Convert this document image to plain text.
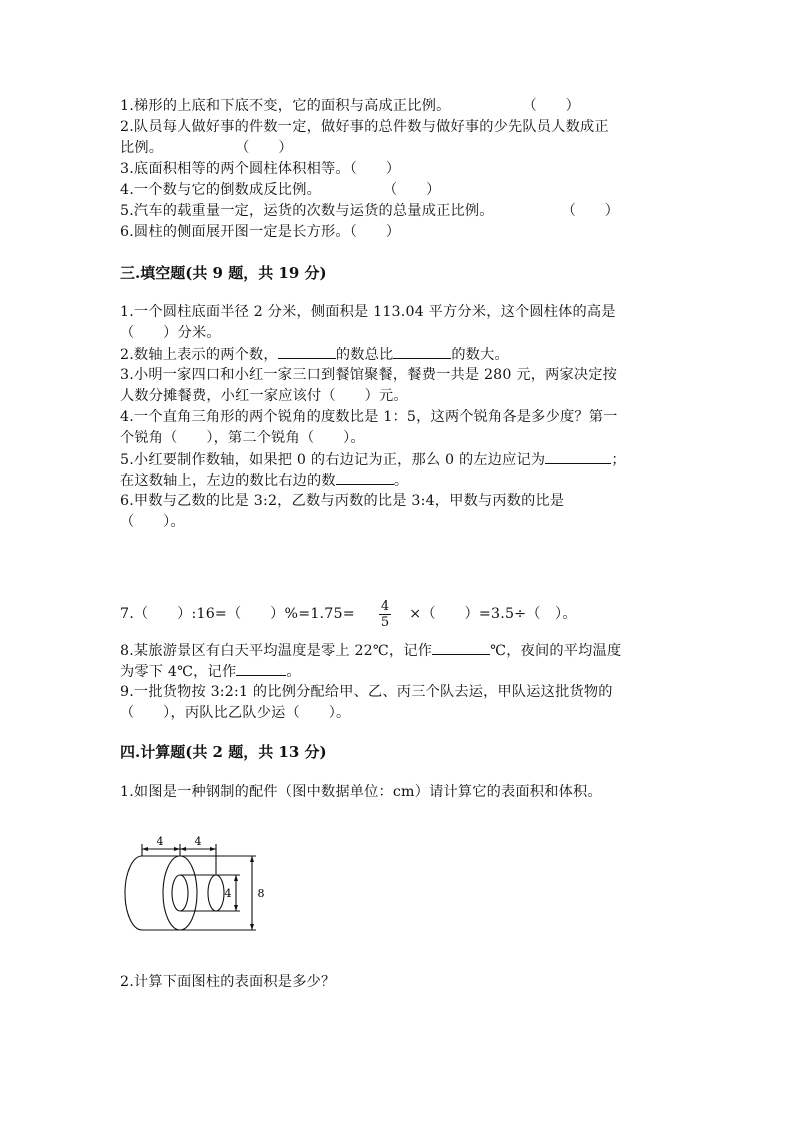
1.梯形的上底和下底不变，它的面积与高成正比例。	（　　）
2.队员每人做好事的件数一定，做好事的总件数与做好事的少先队员人数成正
比例。	（　　）
3.底面积相等的两个圆柱体积相等。（　　）
4.一个数与它的倒数成反比例。	（　　）
5.汽车的载重量一定，运货的次数与运货的总量成正比例。	（　　）
6.圆柱的侧面展开图一定是长方形。（　　）
三.填空题(共 9 题，共 19 分)
1.一个圆柱底面半径 2 分米，侧面积是 113.04 平方分米，这个圆柱体的高是
（　　）分米。
2.数轴上表示的两个数，	的数总比	的数大。
3.小明一家四口和小红一家三口到餐馆聚餐，餐费一共是 280 元，两家决定按
人数分摊餐费，小红一家应该付（　　）元。
4.一个直角三角形的两个锐角的度数比是 1：5，这两个锐角各是多少度？第一
个锐角（　　），第二个锐角（　　）。
5.小红要制作数轴，如果把 0 的右边记为正，那么 0 的左边应记为	；
在这数轴上，左边的数比右边的数	。
6.甲数与乙数的比是 3:2，乙数与丙数的比是 3:4，甲数与丙数的比是
（　　）。
7.（　　）:16=（　　）$\%=1.75= \frac{4}{5}$ ×（　　）=3.5÷（　）。
8.某旅游景区有白天平均温度是零上 22℃，记作	℃，夜间的平均温度
为零下 4℃，记作	。
9.一批货物按 3:2:1 的比例分配给甲、乙、丙三个队去运，甲队运这批货物的
（　　），丙队比乙队少运（　　）。
四.计算题(共 2 题，共 13 分)
1.如图是一种钢制的配件（图中数据单位：cm）请计算它的表面积和体积。
4	4
4 8
2.计算下面图柱的表面积是多少？
